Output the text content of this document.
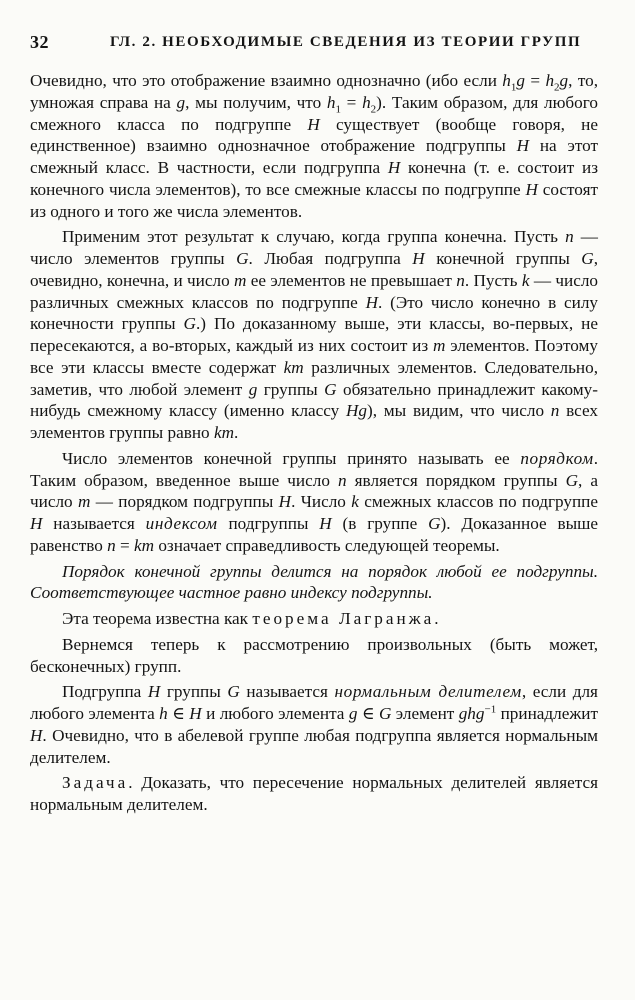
32	ГЛ. 2. НЕОБХОДИМЫЕ СВЕДЕНИЯ ИЗ ТЕОРИИ ГРУПП

Очевидно, что это отображение взаимно однозначно (ибо если $h_1g = h_2g$, то, умножая справа на g, мы получим, что $h_1 = h_2$). Таким образом, для любого смежного класса по подгруппе H существует (вообще говоря, не единственное) взаимно однозначное отображение подгруппы H на этот смежный класс. В частности, если подгруппа H конечна (т. е. состоит из конечного числа элементов), то все смежные классы по подгруппе H состоят из одного и того же числа элементов.

Применим этот результат к случаю, когда группа конечна. Пусть n — число элементов группы G. Любая подгруппа H конечной группы G, очевидно, конечна, и число m ее элементов не превышает n. Пусть k — число различных смежных классов по подгруппе H. (Это число конечно в силу конечности группы G.) По доказанному выше, эти классы, во-первых, не пересекаются, а во-вторых, каждый из них состоит из m элементов. Поэтому все эти классы вместе содержат km различных элементов. Следовательно, заметив, что любой элемент g группы G обязательно принадлежит какому-нибудь смежному классу (именно классу Hg), мы видим, что число n всех элементов группы равно km.

Число элементов конечной группы принято называть ее порядком. Таким образом, введенное выше число n является порядком группы G, а число m — порядком подгруппы H. Число k смежных классов по подгруппе H называется индексом подгруппы H (в группе G). Доказанное выше равенство n = km означает справедливость следующей теоремы.

Порядок конечной группы делится на порядок любой ее подгруппы. Соответствующее частное равно индексу подгруппы.

Эта теорема известна как теорема Лагранжа.

Вернемся теперь к рассмотрению произвольных (быть может, бесконечных) групп.

Подгруппа H группы G называется нормальным делителем, если для любого элемента h ∈ H и любого элемента g ∈ G элемент ghg$^{-1}$ принадлежит H. Очевидно, что в абелевой группе любая подгруппа является нормальным делителем.

Задача. Доказать, что пересечение нормальных делителей является нормальным делителем.
